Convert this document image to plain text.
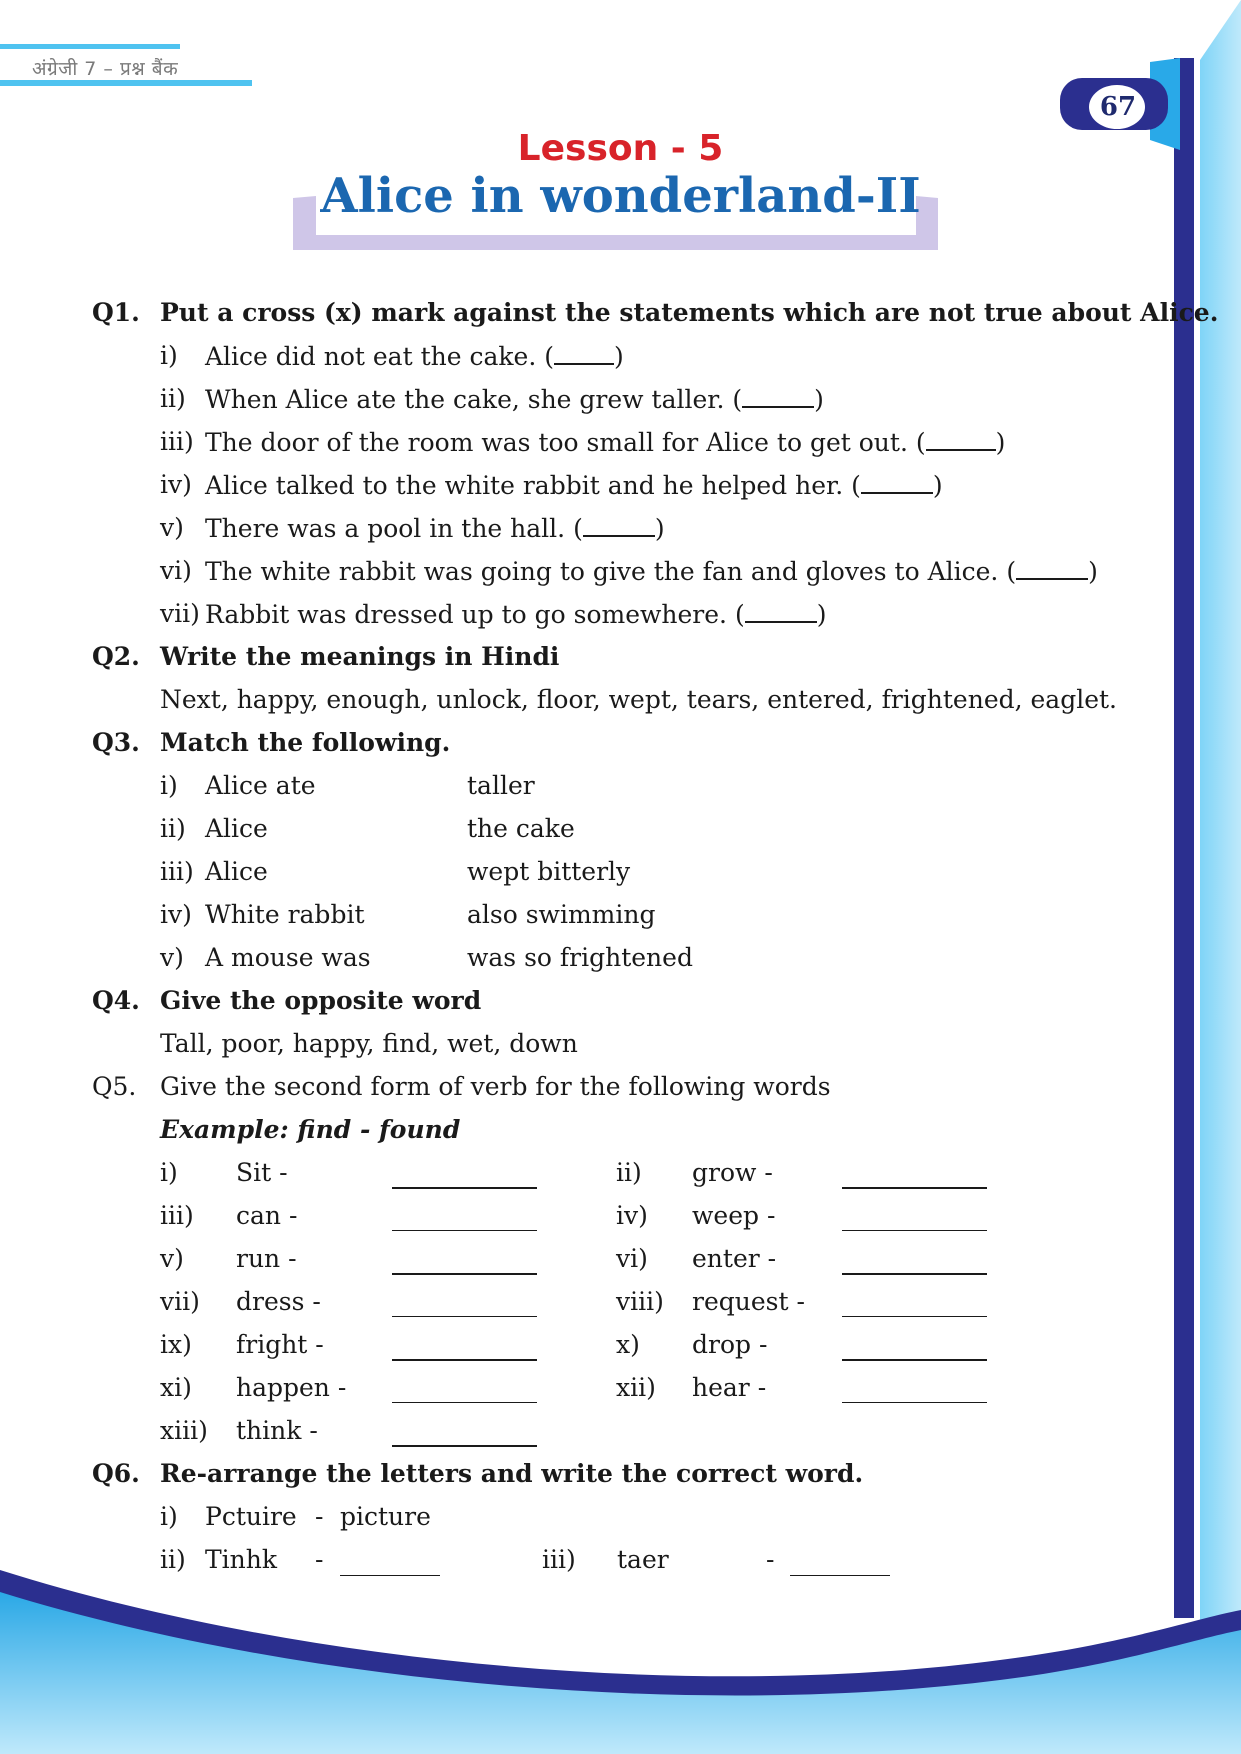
अंग्रेजी 7 – प्रश्न बैंक
67
Lesson - 5
Alice in wonderland-II
Q1. Put a cross (x) mark against the statements which are not true about Alice.
i) Alice did not eat the cake. ( )
ii) When Alice ate the cake, she grew taller. (	)
iii) The door of the room was too small for Alice to get out. (	)
iv) Alice talked to the white rabbit and he helped her. (	)
v) There was a pool in the hall. (	)
vi) The white rabbit was going to give the fan and gloves to Alice. (	)
vii) Rabbit was dressed up to go somewhere. (	)
Q2. Write the meanings in Hindi
Next, happy, enough, unlock, floor, wept, tears, entered, frightened, eaglet.
Q3. Match the following.
i) Alice ate	taller
ii) Alice	the cake
iii) Alice	wept bitterly
iv) White rabbit	also swimming
v) A mouse was	was so frightened
Q4. Give the opposite word
Tall, poor, happy, find, wet, down
Q5. Give the second form of verb for the following words
Example: find - found
i) Sit -	ii) grow -
iii) can -	iv) weep -
v) run -	vi) enter -
vii) dress -	viii) request -
ix) fright -	x) drop -
xi) happen -	xii) hear -
xiii) think -
Q6. Re-arrange the letters and write the correct word.
i) Pctuire - picture
ii) Tinhk -	iii) taer	-
